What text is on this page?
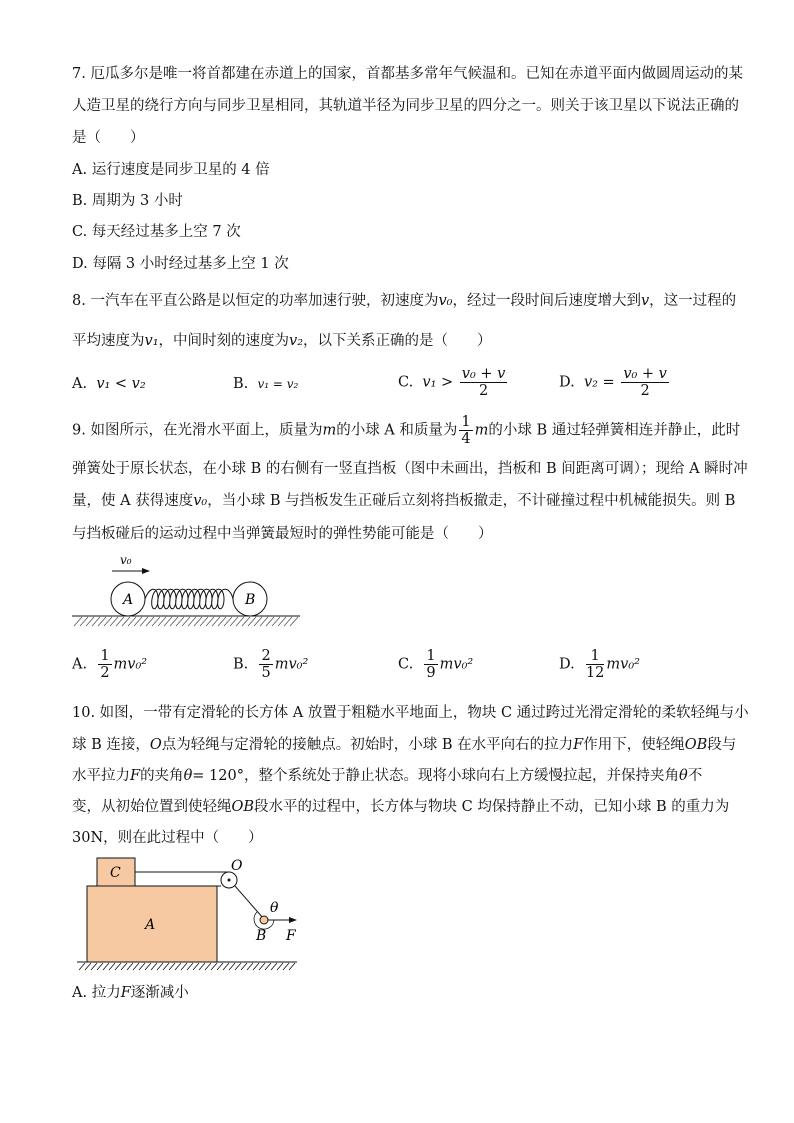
7. 厄瓜多尔是唯一将首都建在赤道上的国家，首都基多常年气候温和。已知在赤道平面内做圆周运动的某
人造卫星的绕行方向与同步卫星相同，其轨道半径为同步卫星的四分之一。则关于该卫星以下说法正确的
是（　　）
A. 运行速度是同步卫星的 4 倍
B. 周期为 3 小时
C. 每天经过基多上空 7 次
D. 每隔 3 小时经过基多上空 1 次
8. 一汽车在平直公路是以恒定的功率加速行驶，初速度为v₀，经过一段时间后速度增大到v，这一过程的
平均速度为v₁，中间时刻的速度为v₂，以下关系正确的是（　　）
A. v₁ < v₂	B. v₁ = v₂	C. $v_1 > \frac{\text{v₀ + v}}{2}$	D. $v_2 = \frac{\text{v₀ + v}}{2}$
9. 如图所示，在光滑水平面上，质量为m的小球 A 和质量为 $\frac{1}{4}$ m的小球 B 通过轻弹簧相连并静止，此时
弹簧处于原长状态，在小球 B 的右侧有一竖直挡板（图中未画出，挡板和 B 间距离可调）；现给 A 瞬时冲
量，使 A 获得速度v₀，当小球 B 与挡板发生正碰后立刻将挡板撤走，不计碰撞过程中机械能损失。则 B
与挡板碰后的运动过程中当弹簧最短时的弹性势能可能是（　　）
v₀
A	B
A. $\frac{1}{2} mv_0^2$	B. $\frac{2}{5} mv_0^2$	C. $\frac{1}{9} mv_0^2$	D. $\frac{1}{12} mv_0^2$
10. 如图，一带有定滑轮的长方体 A 放置于粗糙水平地面上，物块 C 通过跨过光滑定滑轮的柔软轻绳与小
球 B 连接，O点为轻绳与定滑轮的接触点。初始时，小球 B 在水平向右的拉力F作用下，使轻绳OB段与
水平拉力F的夹角θ= 120°，整个系统处于静止状态。现将小球向右上方缓慢拉起，并保持夹角θ不
变，从初始位置到使轻绳OB段水平的过程中，长方体与物块 C 均保持静止不动，已知小球 B 的重力为
30N，则在此过程中（　　）
C
A
O
θ
B F
A. 拉力F逐渐减小
